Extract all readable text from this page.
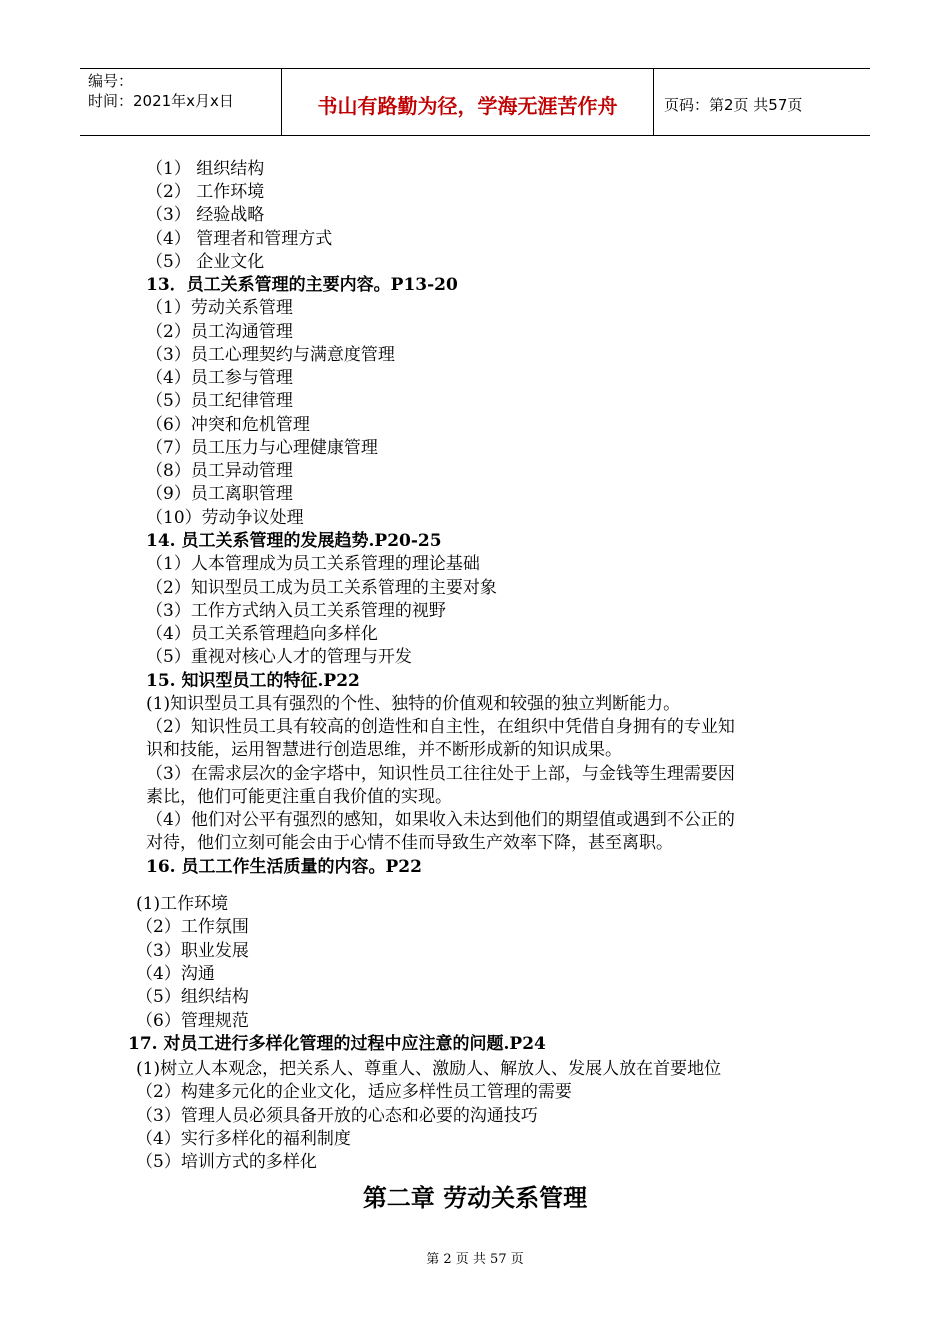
编号：
时间：2021年x月x日	书山有路勤为径，学海无涯苦作舟	页码：第2页 共57页
（1） 组织结构
（2） 工作环境
（3） 经验战略
（4） 管理者和管理方式
（5） 企业文化
13．员工关系管理的主要内容。P13-20
（1）劳动关系管理
（2）员工沟通管理
（3）员工心理契约与满意度管理
（4）员工参与管理
（5）员工纪律管理
（6）冲突和危机管理
（7）员工压力与心理健康管理
（8）员工异动管理
（9）员工离职管理
（10）劳动争议处理
14. 员工关系管理的发展趋势.P20-25
（1）人本管理成为员工关系管理的理论基础
（2）知识型员工成为员工关系管理的主要对象
（3）工作方式纳入员工关系管理的视野
（4）员工关系管理趋向多样化
（5）重视对核心人才的管理与开发
15. 知识型员工的特征.P22
(1)知识型员工具有强烈的个性、独特的价值观和较强的独立判断能力。
（2）知识性员工具有较高的创造性和自主性，在组织中凭借自身拥有的专业知
识和技能，运用智慧进行创造思维，并不断形成新的知识成果。
（3）在需求层次的金字塔中，知识性员工往往处于上部，与金钱等生理需要因
素比，他们可能更注重自我价值的实现。
（4）他们对公平有强烈的感知，如果收入未达到他们的期望值或遇到不公正的
对待，他们立刻可能会由于心情不佳而导致生产效率下降，甚至离职。
16. 员工工作生活质量的内容。P22
(1)工作环境
（2）工作氛围
（3）职业发展
（4）沟通
（5）组织结构
（6）管理规范
17. 对员工进行多样化管理的过程中应注意的问题.P24
(1)树立人本观念，把关系人、尊重人、激励人、解放人、发展人放在首要地位
（2）构建多元化的企业文化，适应多样性员工管理的需要
（3）管理人员必须具备开放的心态和必要的沟通技巧
（4）实行多样化的福利制度
（5）培训方式的多样化
第二章 劳动关系管理
第 2 页 共 57 页
